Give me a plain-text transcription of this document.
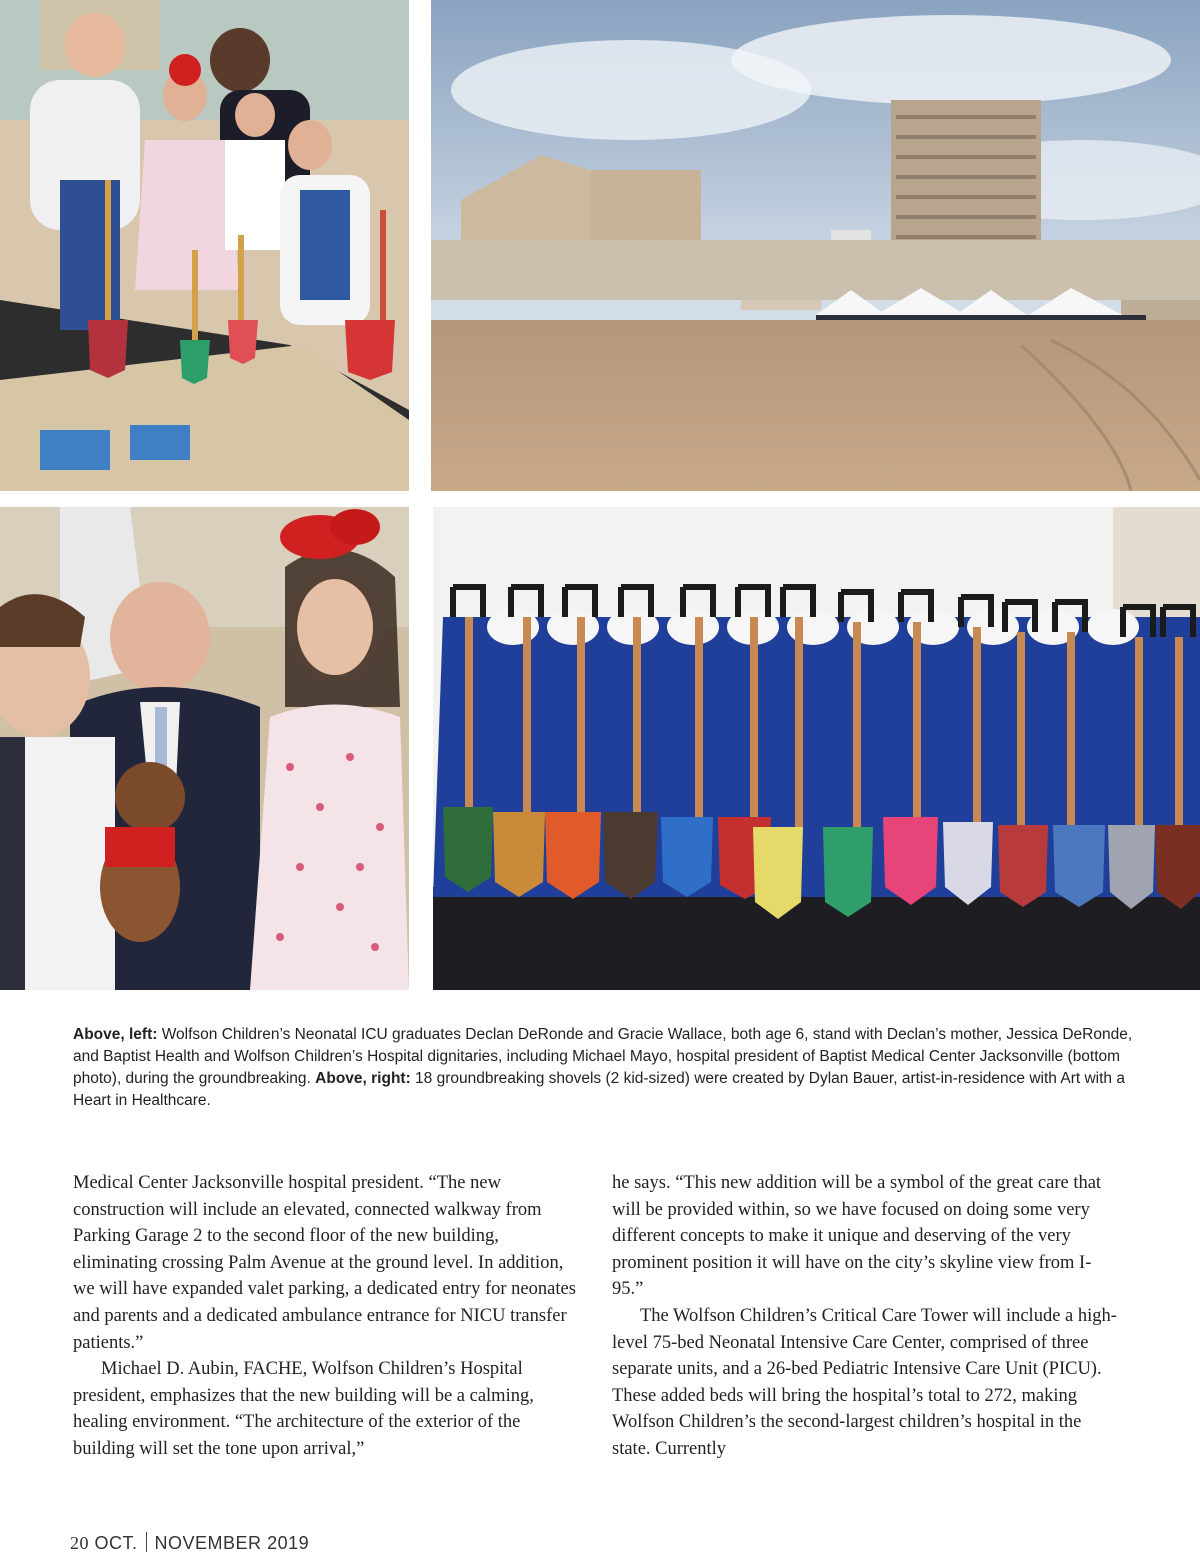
Above, left: Wolfson Children’s Neonatal ICU graduates Declan DeRonde and Gracie Wallace, both age 6, stand with Declan’s mother, Jessica DeRonde, and Baptist Health and Wolfson Children’s Hospital dignitaries, including Michael Mayo, hospital president of Baptist Medical Center Jacksonville (bottom photo), during the groundbreaking. Above, right: 18 groundbreaking shovels (2 kid-sized) were created by Dylan Bauer, artist-in-residence with Art with a Heart in Healthcare.

Medical Center Jacksonville hospital president. “The new construction will include an elevated, connected walkway from Parking Garage 2 to the second floor of the new building, eliminating crossing Palm Avenue at the ground level. In addition, we will have expanded valet parking, a dedicated entry for neonates and parents and a dedicated ambulance entrance for NICU transfer patients.”

Michael D. Aubin, FACHE, Wolfson Children’s Hospital president, emphasizes that the new building will be a calming, healing environment. “The architecture of the exterior of the building will set the tone upon arrival,”

he says. “This new addition will be a symbol of the great care that will be provided within, so we have focused on doing some very different concepts to make it unique and deserving of the very prominent position it will have on the city’s skyline view from I-95.”

The Wolfson Children’s Critical Care Tower will include a high-level 75-bed Neonatal Intensive Care Center, comprised of three separate units, and a 26-bed Pediatric Intensive Care Unit (PICU). These added beds will bring the hospital’s total to 272, making Wolfson Children’s the second-largest children’s hospital in the state. Currently

20 OCT. NOVEMBER 2019
